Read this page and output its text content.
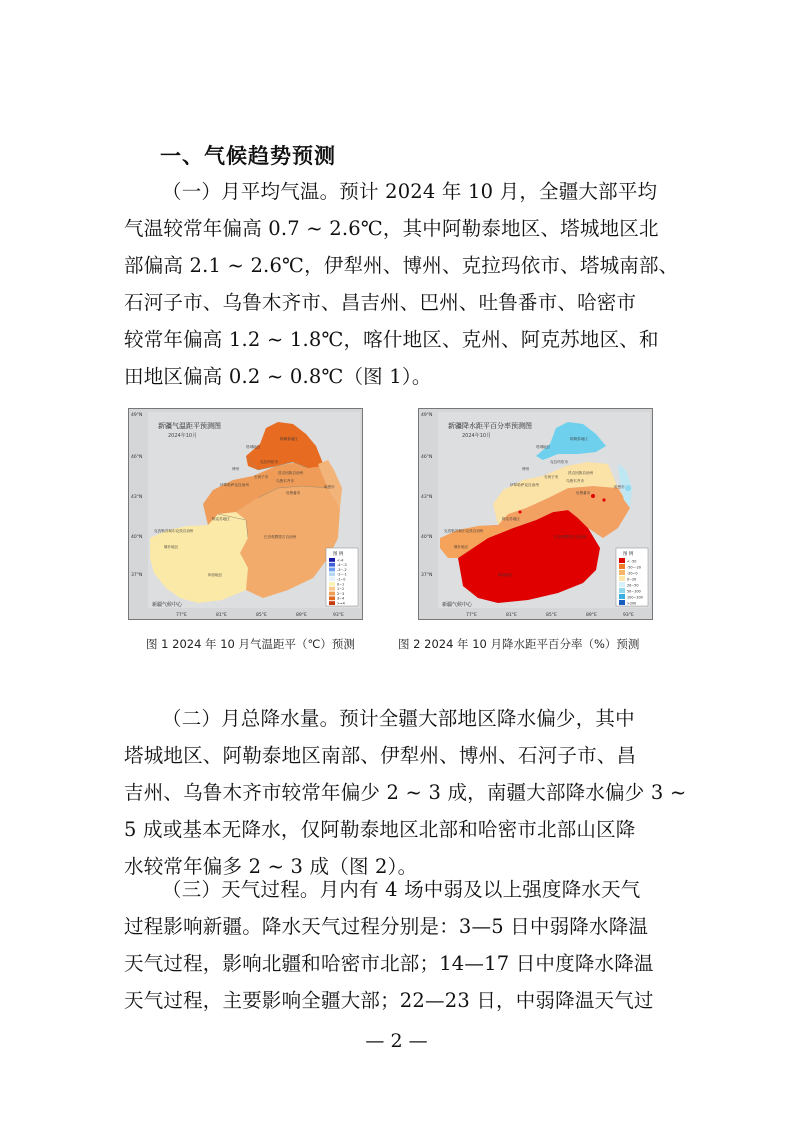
一、气候趋势预测
（一）月平均气温。预计 2024 年 10 月，全疆大部平均
气温较常年偏高 0.7 ~ 2.6℃，其中阿勒泰地区、塔城地区北
部偏高 2.1 ~ 2.6℃，伊犁州、博州、克拉玛依市、塔城南部、
石河子市、乌鲁木齐市、昌吉州、巴州、吐鲁番市、哈密市
较常年偏高 1.2 ~ 1.8℃，喀什地区、克州、阿克苏地区、和
田地区偏高 0.2 ~ 0.8℃（图 1）。
新疆气温距平预测图
2024年10月
49°N
46°N
43°N
40°N
37°N
77°E	81°E	85°E	89°E	93°E
阿勒泰地区
塔城地区
克拉玛依市
博州
伊犁哈萨克自治州
石河子市
乌鲁木齐市
昌吉回族自治州
吐鲁番市
哈密市
阿克苏地区
克孜勒苏柯尔克孜自治州
喀什地区
巴音郭楞蒙古自治州
和田地区
图 例
<-4
-4~-3
-3~-2
-2~-1
-1~0
0~1
1~2
2~3
3~4
>=4
新疆气候中心
新疆降水距平百分率预测图
2024年10月
49°N
46°N
43°N
40°N
37°N
77°E	81°E	85°E	89°E	93°E
阿勒泰地区
塔城地区
克拉玛依市
博州
伊犁哈萨克自治州
石河子市
乌鲁木齐市
昌吉回族自治州
吐鲁番市
哈密市
阿克苏地区
克孜勒苏柯尔克孜自治州
喀什地区
巴音郭楞蒙古自治州
和田地区
图 例
< -50
-50~-20
-20~0
0~20
20~50
50~100
100~200
>200
新疆气候中心
图 1 2024 年 10 月气温距平（℃）预测	图 2 2024 年 10 月降水距平百分率（%）预测
（二）月总降水量。预计全疆大部地区降水偏少，其中
塔城地区、阿勒泰地区南部、伊犁州、博州、石河子市、昌
吉州、乌鲁木齐市较常年偏少 2 ~ 3 成，南疆大部降水偏少 3 ~
5 成或基本无降水，仅阿勒泰地区北部和哈密市北部山区降
水较常年偏多 2 ~ 3 成（图 2）。
（三）天气过程。月内有 4 场中弱及以上强度降水天气
过程影响新疆。降水天气过程分别是：3—5 日中弱降水降温
天气过程，影响北疆和哈密市北部；14—17 日中度降水降温
天气过程，主要影响全疆大部；22—23 日，中弱降温天气过
— 2 —
